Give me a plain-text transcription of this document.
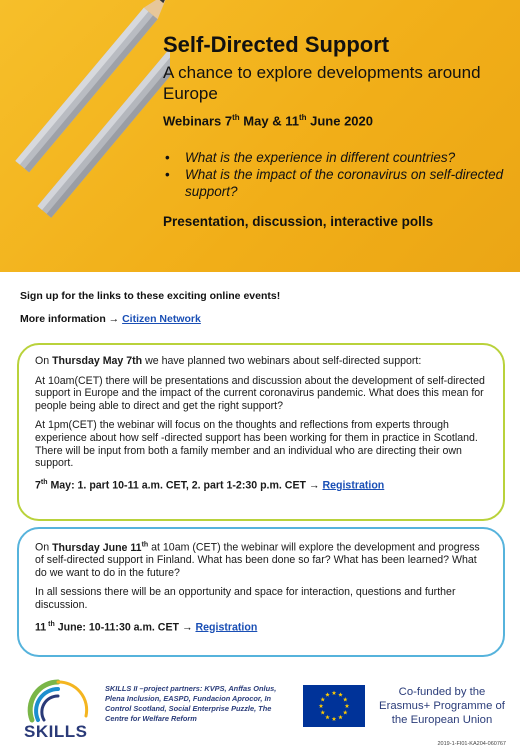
Self-Directed Support
A chance to explore developments around Europe
Webinars 7th May & 11th June 2020
• What is the experience in different countries?
• What is the impact of the coronavirus on self-directed support?
Presentation, discussion, interactive polls
Sign up for the links to these exciting online events!
More information → Citizen Network

On Thursday May 7th we have planned two webinars about self-directed support:

At 10am(CET) there will be presentations and discussion about the development of self-directed support in Europe and the impact of the current coronavirus pandemic. What does this mean for people being able to direct and get the right support?

At 1pm(CET) the webinar will focus on the thoughts and reflections from experts through experience about how self -directed support has been working for them in practice in Scotland. There will be input from both a family member and an individual who are directing their own support.

7th May: 1. part 10-11 a.m. CET, 2. part 1-2:30 p.m. CET → Registration

On Thursday June 11th at 10am (CET) the webinar will explore the development and progress of self-directed support in Finland. What has been done so far? What has been learned? What do we want to do in the future?

In all sessions there will be an opportunity and space for interaction, questions and further discussion.

11 $^{th}$ June: 10-11:30 a.m. CET → Registration

SKILLS
SKILLS II –project partners: KVPS, Anffas Onlus, Plena Inclusion, EASPD, Fundacion Aprocor, In Control Scotland, Social Enterprise Puzzle, The Centre for Welfare Reform
Co-funded by the Erasmus+ Programme of the European Union
2019-1-FI01-KA204-060767
